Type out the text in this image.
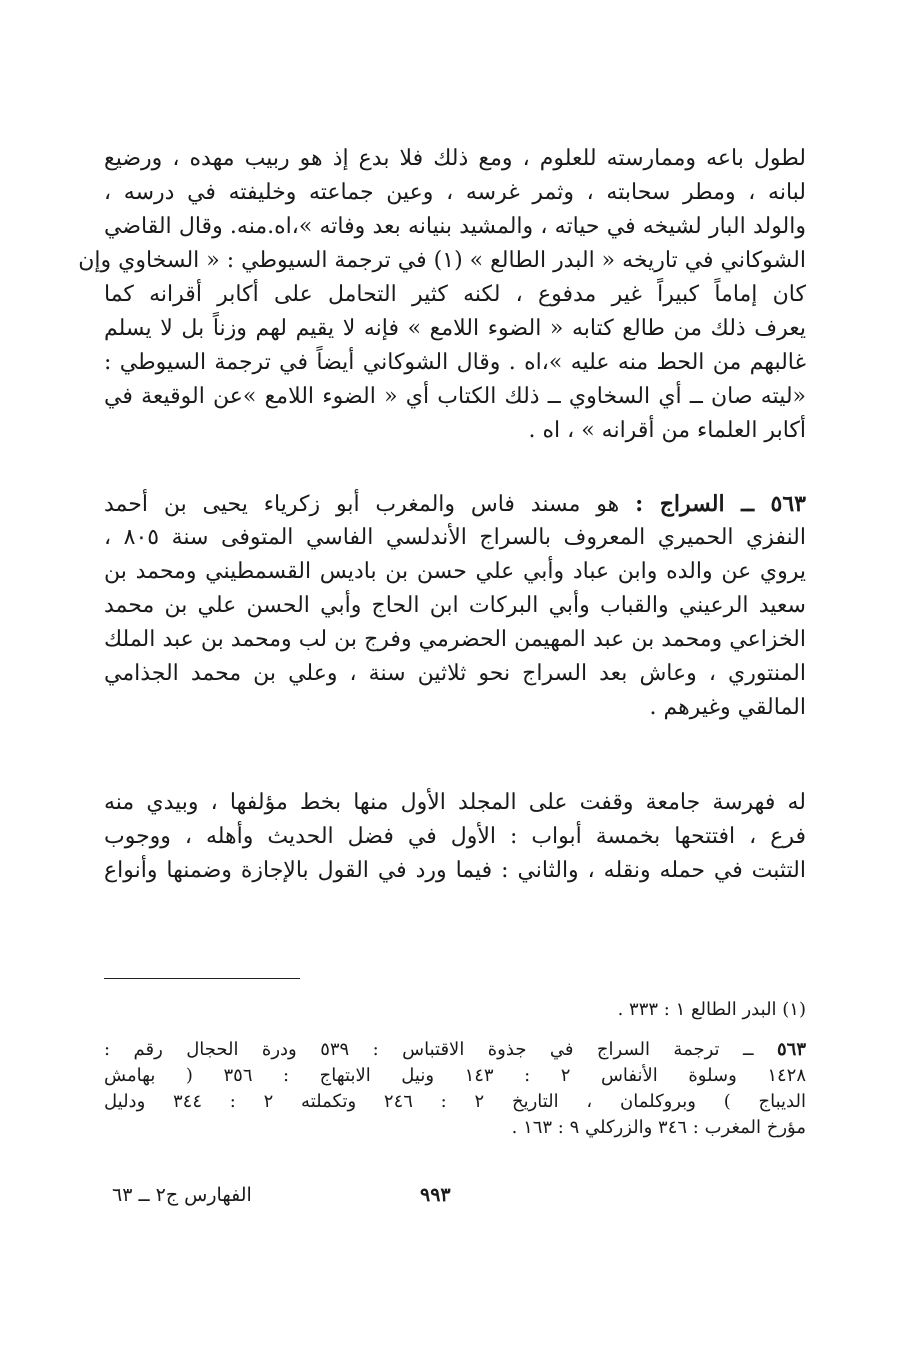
لطول باعه وممارسته للعلوم ، ومع ذلك فلا بدع إذ هو ربيب مهده ، ورضيع
لبانه ، ومطر سحابته ، وثمر غرسه ، وعين جماعته وخليفته في درسه ،
والولد البار لشيخه في حياته ، والمشيد بنيانه بعد وفاته »،اه.منه. وقال القاضي
الشوكاني في تاريخه « البدر الطالع » (١) في ترجمة السيوطي : « السخاوي وإن
كان إماماً كبيراً غير مدفوع ، لكنه كثير التحامل على أكابر أقرانه كما
يعرف ذلك من طالع كتابه « الضوء اللامع » فإنه لا يقيم لهم وزناً بل لا يسلم
غالبهم من الحط منه عليه »،اه . وقال الشوكاني أيضاً في ترجمة السيوطي :
«ليته صان ــ أي السخاوي ــ ذلك الكتاب أي « الضوء اللامع »عن الوقيعة في
أكابر العلماء من أقرانه » ، اه .
٥٦٣ ــ السراج : هو مسند فاس والمغرب أبو زكرياء يحيى بن أحمد
النفزي الحميري المعروف بالسراج الأندلسي الفاسي المتوفى سنة ٨٠٥ ،
يروي عن والده وابن عباد وأبي علي حسن بن باديس القسمطيني ومحمد بن
سعيد الرعيني والقباب وأبي البركات ابن الحاج وأبي الحسن علي بن محمد
الخزاعي ومحمد بن عبد المهيمن الحضرمي وفرج بن لب ومحمد بن عبد الملك
المنتوري ، وعاش بعد السراج نحو ثلاثين سنة ، وعلي بن محمد الجذامي
المالقي وغيرهم .
له فهرسة جامعة وقفت على المجلد الأول منها بخط مؤلفها ، وبيدي منه
فرع ، افتتحها بخمسة أبواب : الأول في فضل الحديث وأهله ، ووجوب
التثبت في حمله ونقله ، والثاني : فيما ورد في القول بالإجازة وضمنها وأنواع
(١) البدر الطالع ١ : ٣٣٣ .
٥٦٣ ــ ترجمة السراج في جذوة الاقتباس : ٥٣٩ ودرة الحجال رقم :
١٤٢٨ وسلوة الأنفاس ٢ : ١٤٣ ونيل الابتهاج : ٣٥٦ ( بهامش
الديباج ) وبروكلمان ، التاريخ ٢ : ٢٤٦ وتكملته ٢ : ٣٤٤ ودليل
مؤرخ المغرب : ٣٤٦ والزركلي ٩ : ١٦٣ .
٩٩٣
الفهارس ج٢ ــ ٦٣
